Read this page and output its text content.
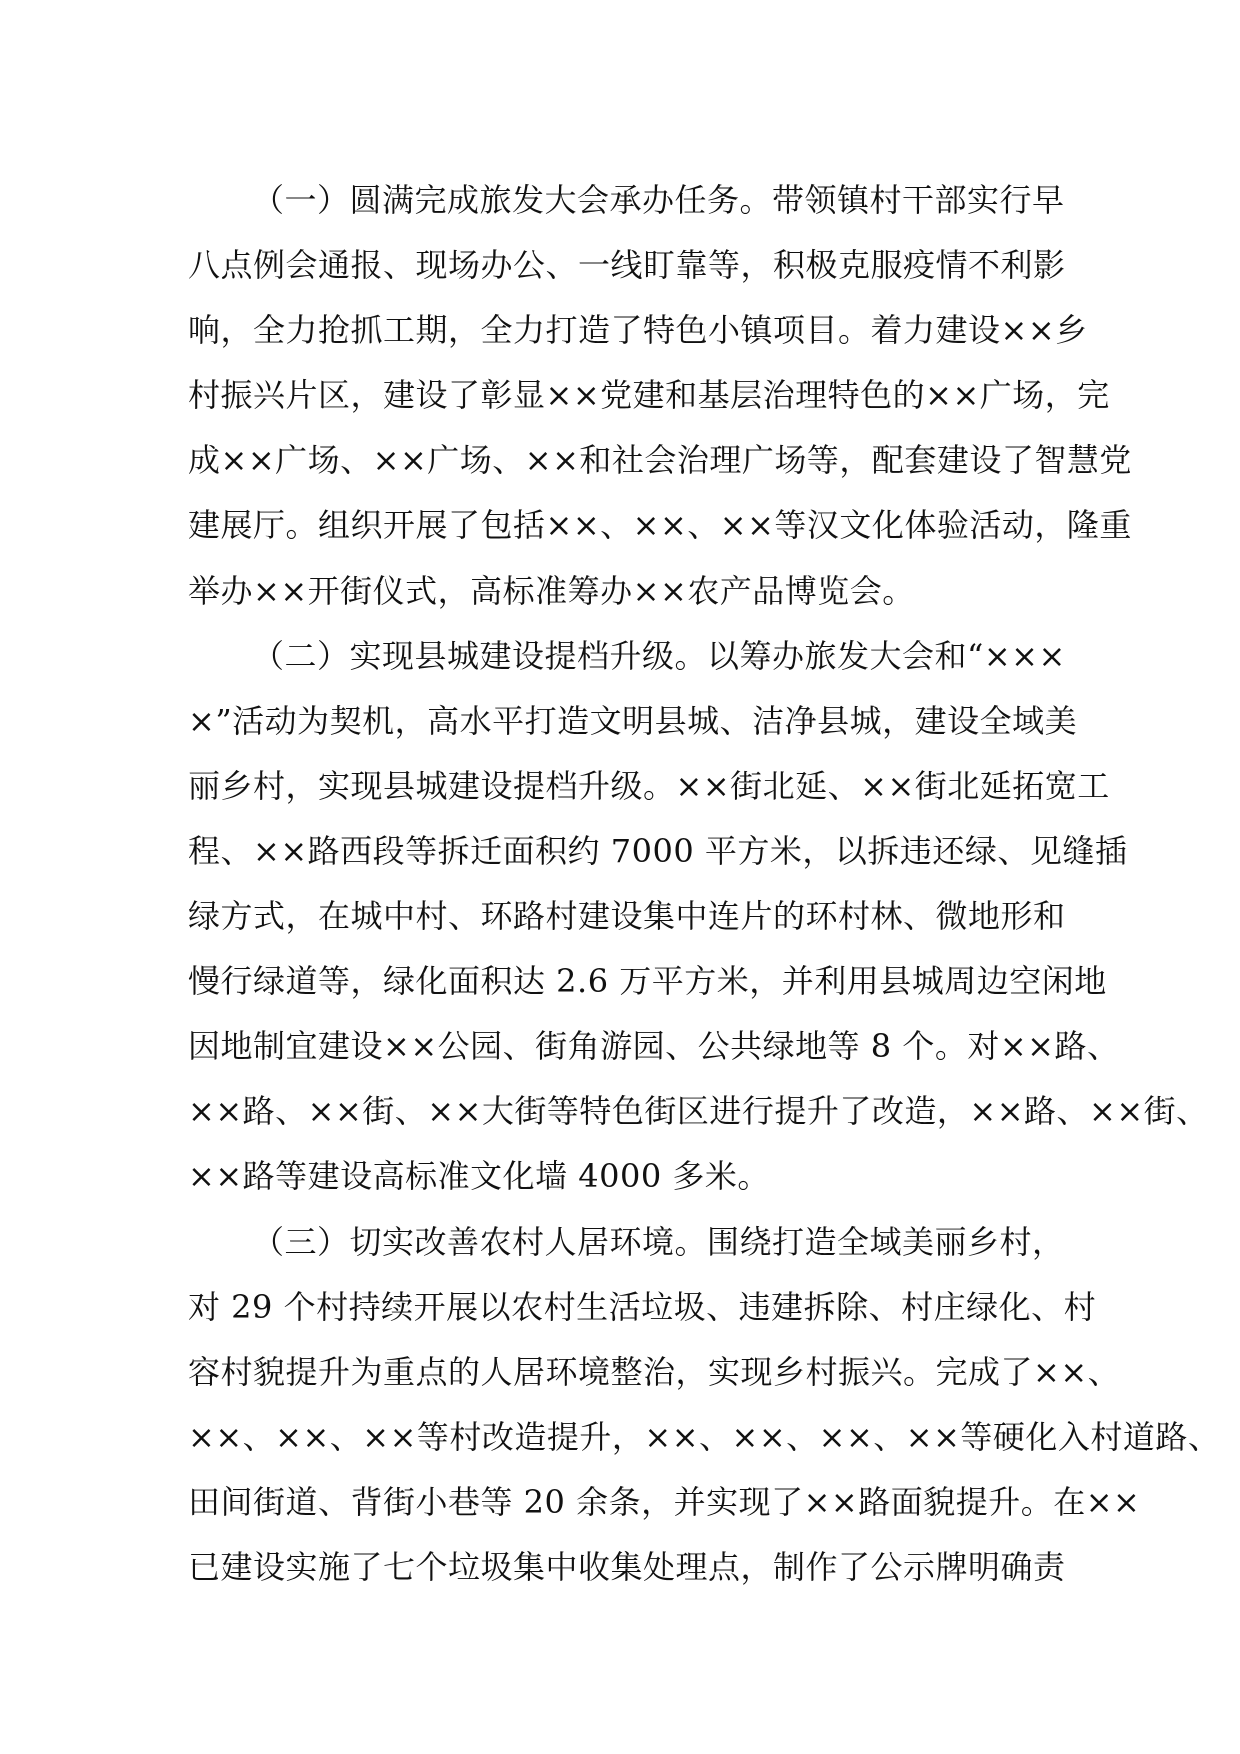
（一）圆满完成旅发大会承办任务。带领镇村干部实行早
八点例会通报、现场办公、一线盯靠等，积极克服疫情不利影
响，全力抢抓工期，全力打造了特色小镇项目。着力建设××乡
村振兴片区，建设了彰显××党建和基层治理特色的××广场，完
成××广场、××广场、××和社会治理广场等，配套建设了智慧党
建展厅。组织开展了包括××、××、××等汉文化体验活动，隆重
举办××开街仪式，高标准筹办××农产品博览会。
（二）实现县城建设提档升级。以筹办旅发大会和“×××
×”活动为契机，高水平打造文明县城、洁净县城，建设全域美
丽乡村，实现县城建设提档升级。××街北延、××街北延拓宽工
程、××路西段等拆迁面积约 7000 平方米，以拆违还绿、见缝插
绿方式，在城中村、环路村建设集中连片的环村林、微地形和
慢行绿道等，绿化面积达 2.6 万平方米，并利用县城周边空闲地
因地制宜建设××公园、街角游园、公共绿地等 8 个。对××路、
××路、××街、××大街等特色街区进行提升了改造，××路、××街、
××路等建设高标准文化墙 4000 多米。
（三）切实改善农村人居环境。围绕打造全域美丽乡村，
对 29 个村持续开展以农村生活垃圾、违建拆除、村庄绿化、村
容村貌提升为重点的人居环境整治，实现乡村振兴。完成了××、
××、××、××等村改造提升，××、××、××、××等硬化入村道路、
田间街道、背街小巷等 20 余条，并实现了××路面貌提升。在××
已建设实施了七个垃圾集中收集处理点，制作了公示牌明确责
